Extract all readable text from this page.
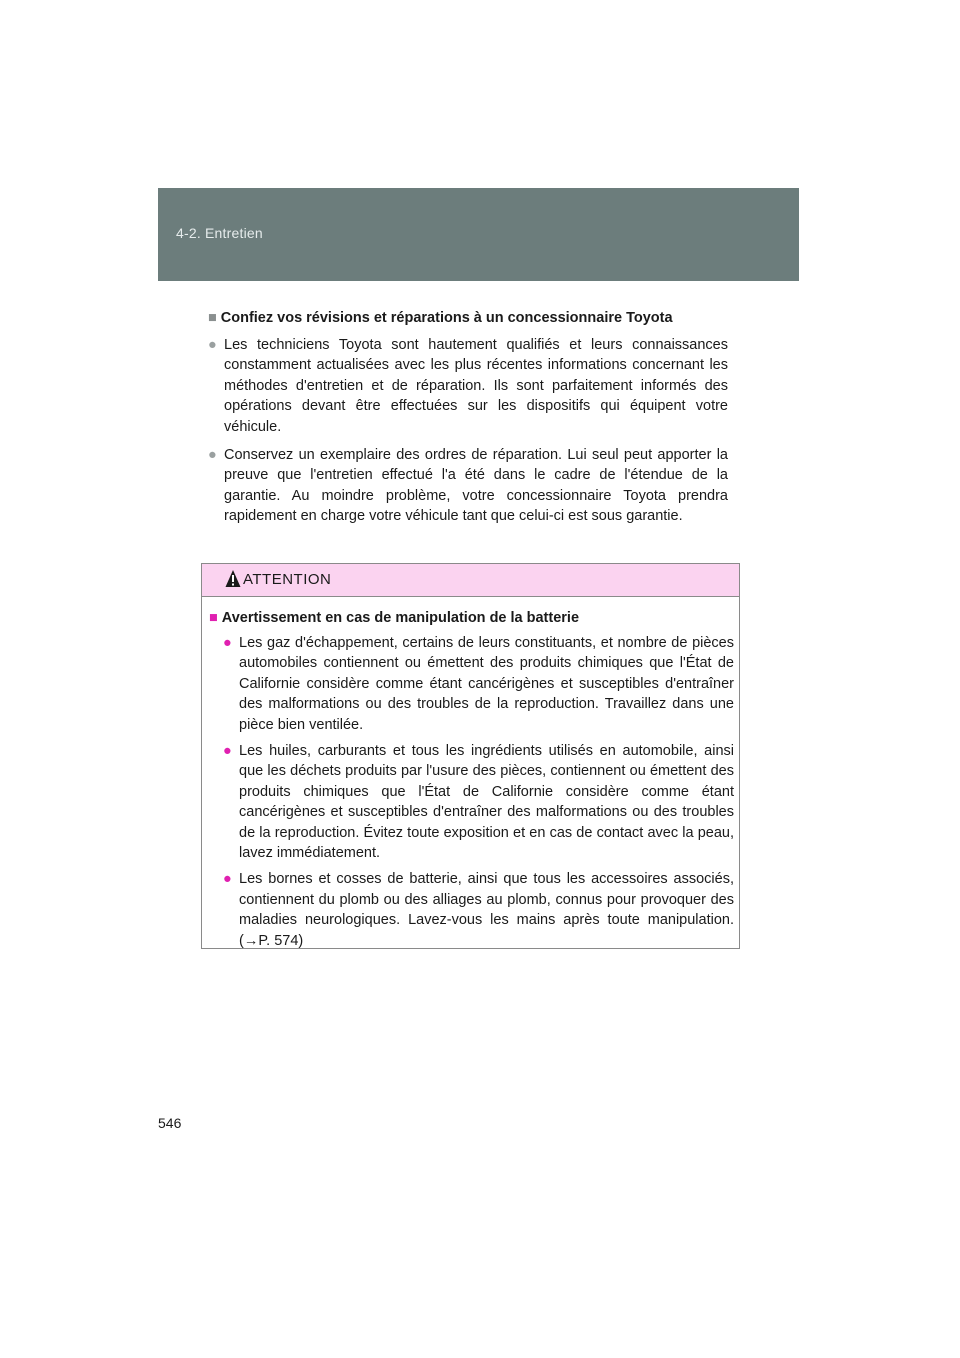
4-2. Entretien
■ Confiez vos révisions et réparations à un concessionnaire Toyota
● Les techniciens Toyota sont hautement qualifiés et leurs connaissances constamment actualisées avec les plus récentes informations concernant les méthodes d'entretien et de réparation. Ils sont parfaitement informés des opérations devant être effectuées sur les dispositifs qui équipent votre véhicule.
● Conservez un exemplaire des ordres de réparation. Lui seul peut apporter la preuve que l'entretien effectué l'a été dans le cadre de l'étendue de la garantie. Au moindre problème, votre concessionnaire Toyota prendra rapidement en charge votre véhicule tant que celui-ci est sous garantie.
ATTENTION
■ Avertissement en cas de manipulation de la batterie
● Les gaz d'échappement, certains de leurs constituants, et nombre de pièces automobiles contiennent ou émettent des produits chimiques que l'État de Californie considère comme étant cancérigènes et susceptibles d'entraîner des malformations ou des troubles de la reproduction. Travaillez dans une pièce bien ventilée.
● Les huiles, carburants et tous les ingrédients utilisés en automobile, ainsi que les déchets produits par l'usure des pièces, contiennent ou émettent des produits chimiques que l'État de Californie considère comme étant cancérigènes et susceptibles d'entraîner des malformations ou des troubles de la reproduction. Évitez toute exposition et en cas de contact avec la peau, lavez immédiatement.
● Les bornes et cosses de batterie, ainsi que tous les accessoires associés, contiennent du plomb ou des alliages au plomb, connus pour provoquer des maladies neurologiques. Lavez-vous les mains après toute manipulation. (→P. 574)
546
